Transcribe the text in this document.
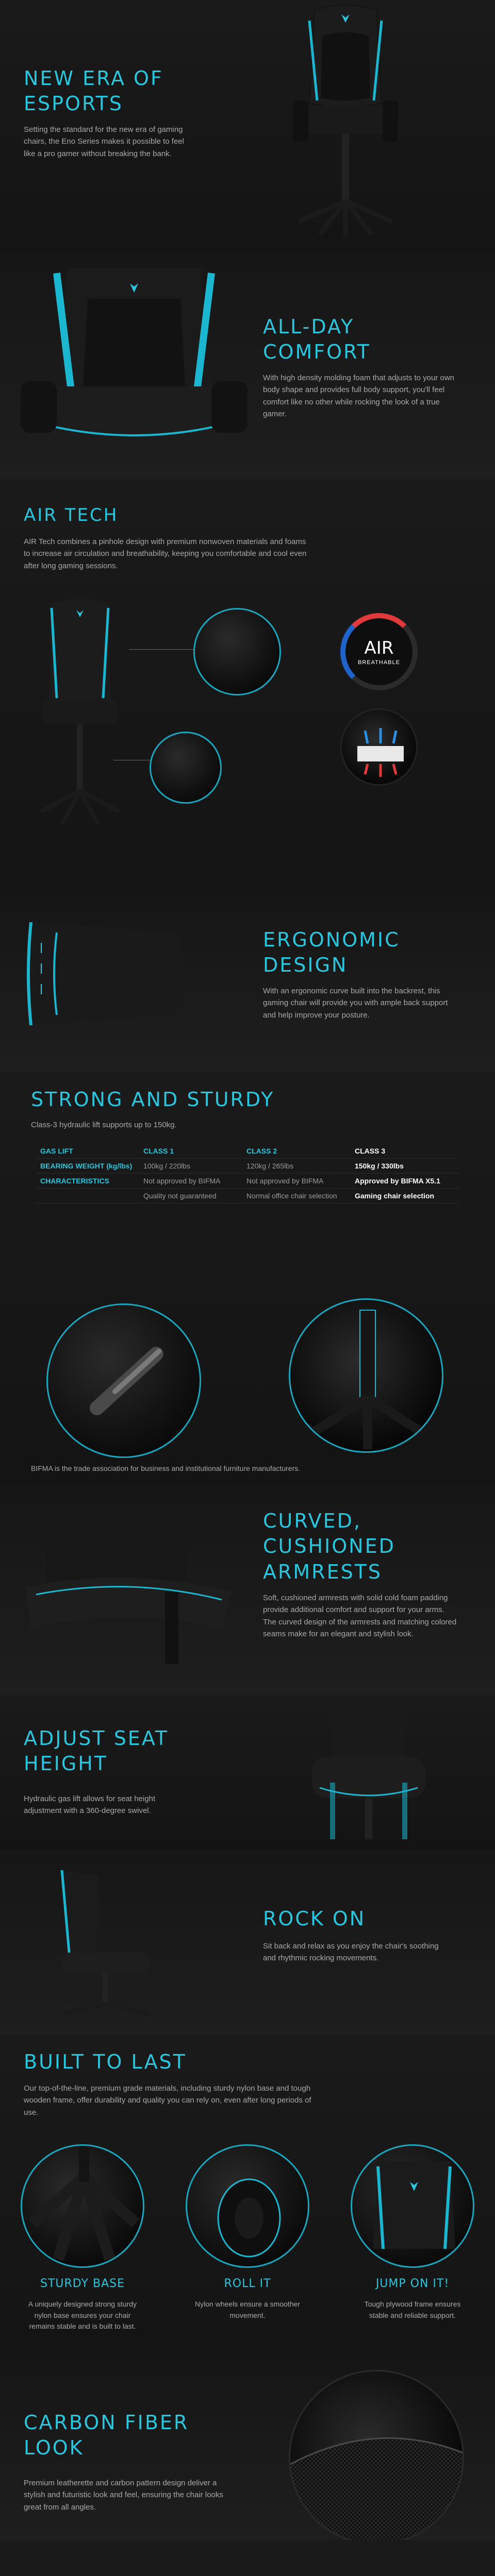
NEW ERA OF
ESPORTS
Setting the standard for the new era of gaming chairs, the Eno Series makes it possible to feel like a pro gamer without breaking the bank.
ALL-DAY
COMFORT
With high density molding foam that adjusts to your own body shape and provides full body support, you'll feel comfort like no other while rocking the look of a true gamer.
AIR TECH
AIR Tech combines a pinhole design with premium nonwoven materials and foams to increase air circulation and breathability, keeping you comfortable and cool even after long gaming sessions.
AIR
BREATHABLE
ERGONOMIC
DESIGN
With an ergonomic curve built into the backrest, this gaming chair will provide you with ample back support and help improve your posture.
STRONG AND STURDY
Class-3 hydraulic lift supports up to 150kg.
GAS LIFT	CLASS 1	CLASS 2	CLASS 3
BEARING WEIGHT (kg/lbs)	100kg / 220lbs	120kg / 265lbs	150kg / 330lbs
CHARACTERISTICS	Not approved by BIFMA	Not approved by BIFMA	Approved by BIFMA X5.1
	Quality not guaranteed	Normal office chair selection	Gaming chair selection
BIFMA is the trade association for business and institutional furniture manufacturers.
CURVED,
CUSHIONED
ARMRESTS
Soft, cushioned armrests with solid cold foam padding provide additional comfort and support for your arms. The curved design of the armrests and matching colored seams make for an elegant and stylish look.
ADJUST SEAT
HEIGHT
Hydraulic gas lift allows for seat height adjustment with a 360-degree swivel.
ROCK ON
Sit back and relax as you enjoy the chair's soothing and rhythmic rocking movements.
BUILT TO LAST
Our top-of-the-line, premium grade materials, including sturdy nylon base and tough wooden frame, offer durability and quality you can rely on, even after long periods of use.
STURDY BASE	ROLL IT	JUMP ON IT!
A uniquely designed strong sturdy nylon base ensures your chair remains stable and is built to last.
Nylon wheels ensure a smoother movement.
Tough plywood frame ensures stable and reliable support.
CARBON FIBER
LOOK
Premium leatherette and carbon pattern design deliver a stylish and futuristic look and feel, ensuring the chair looks great from all angles.
